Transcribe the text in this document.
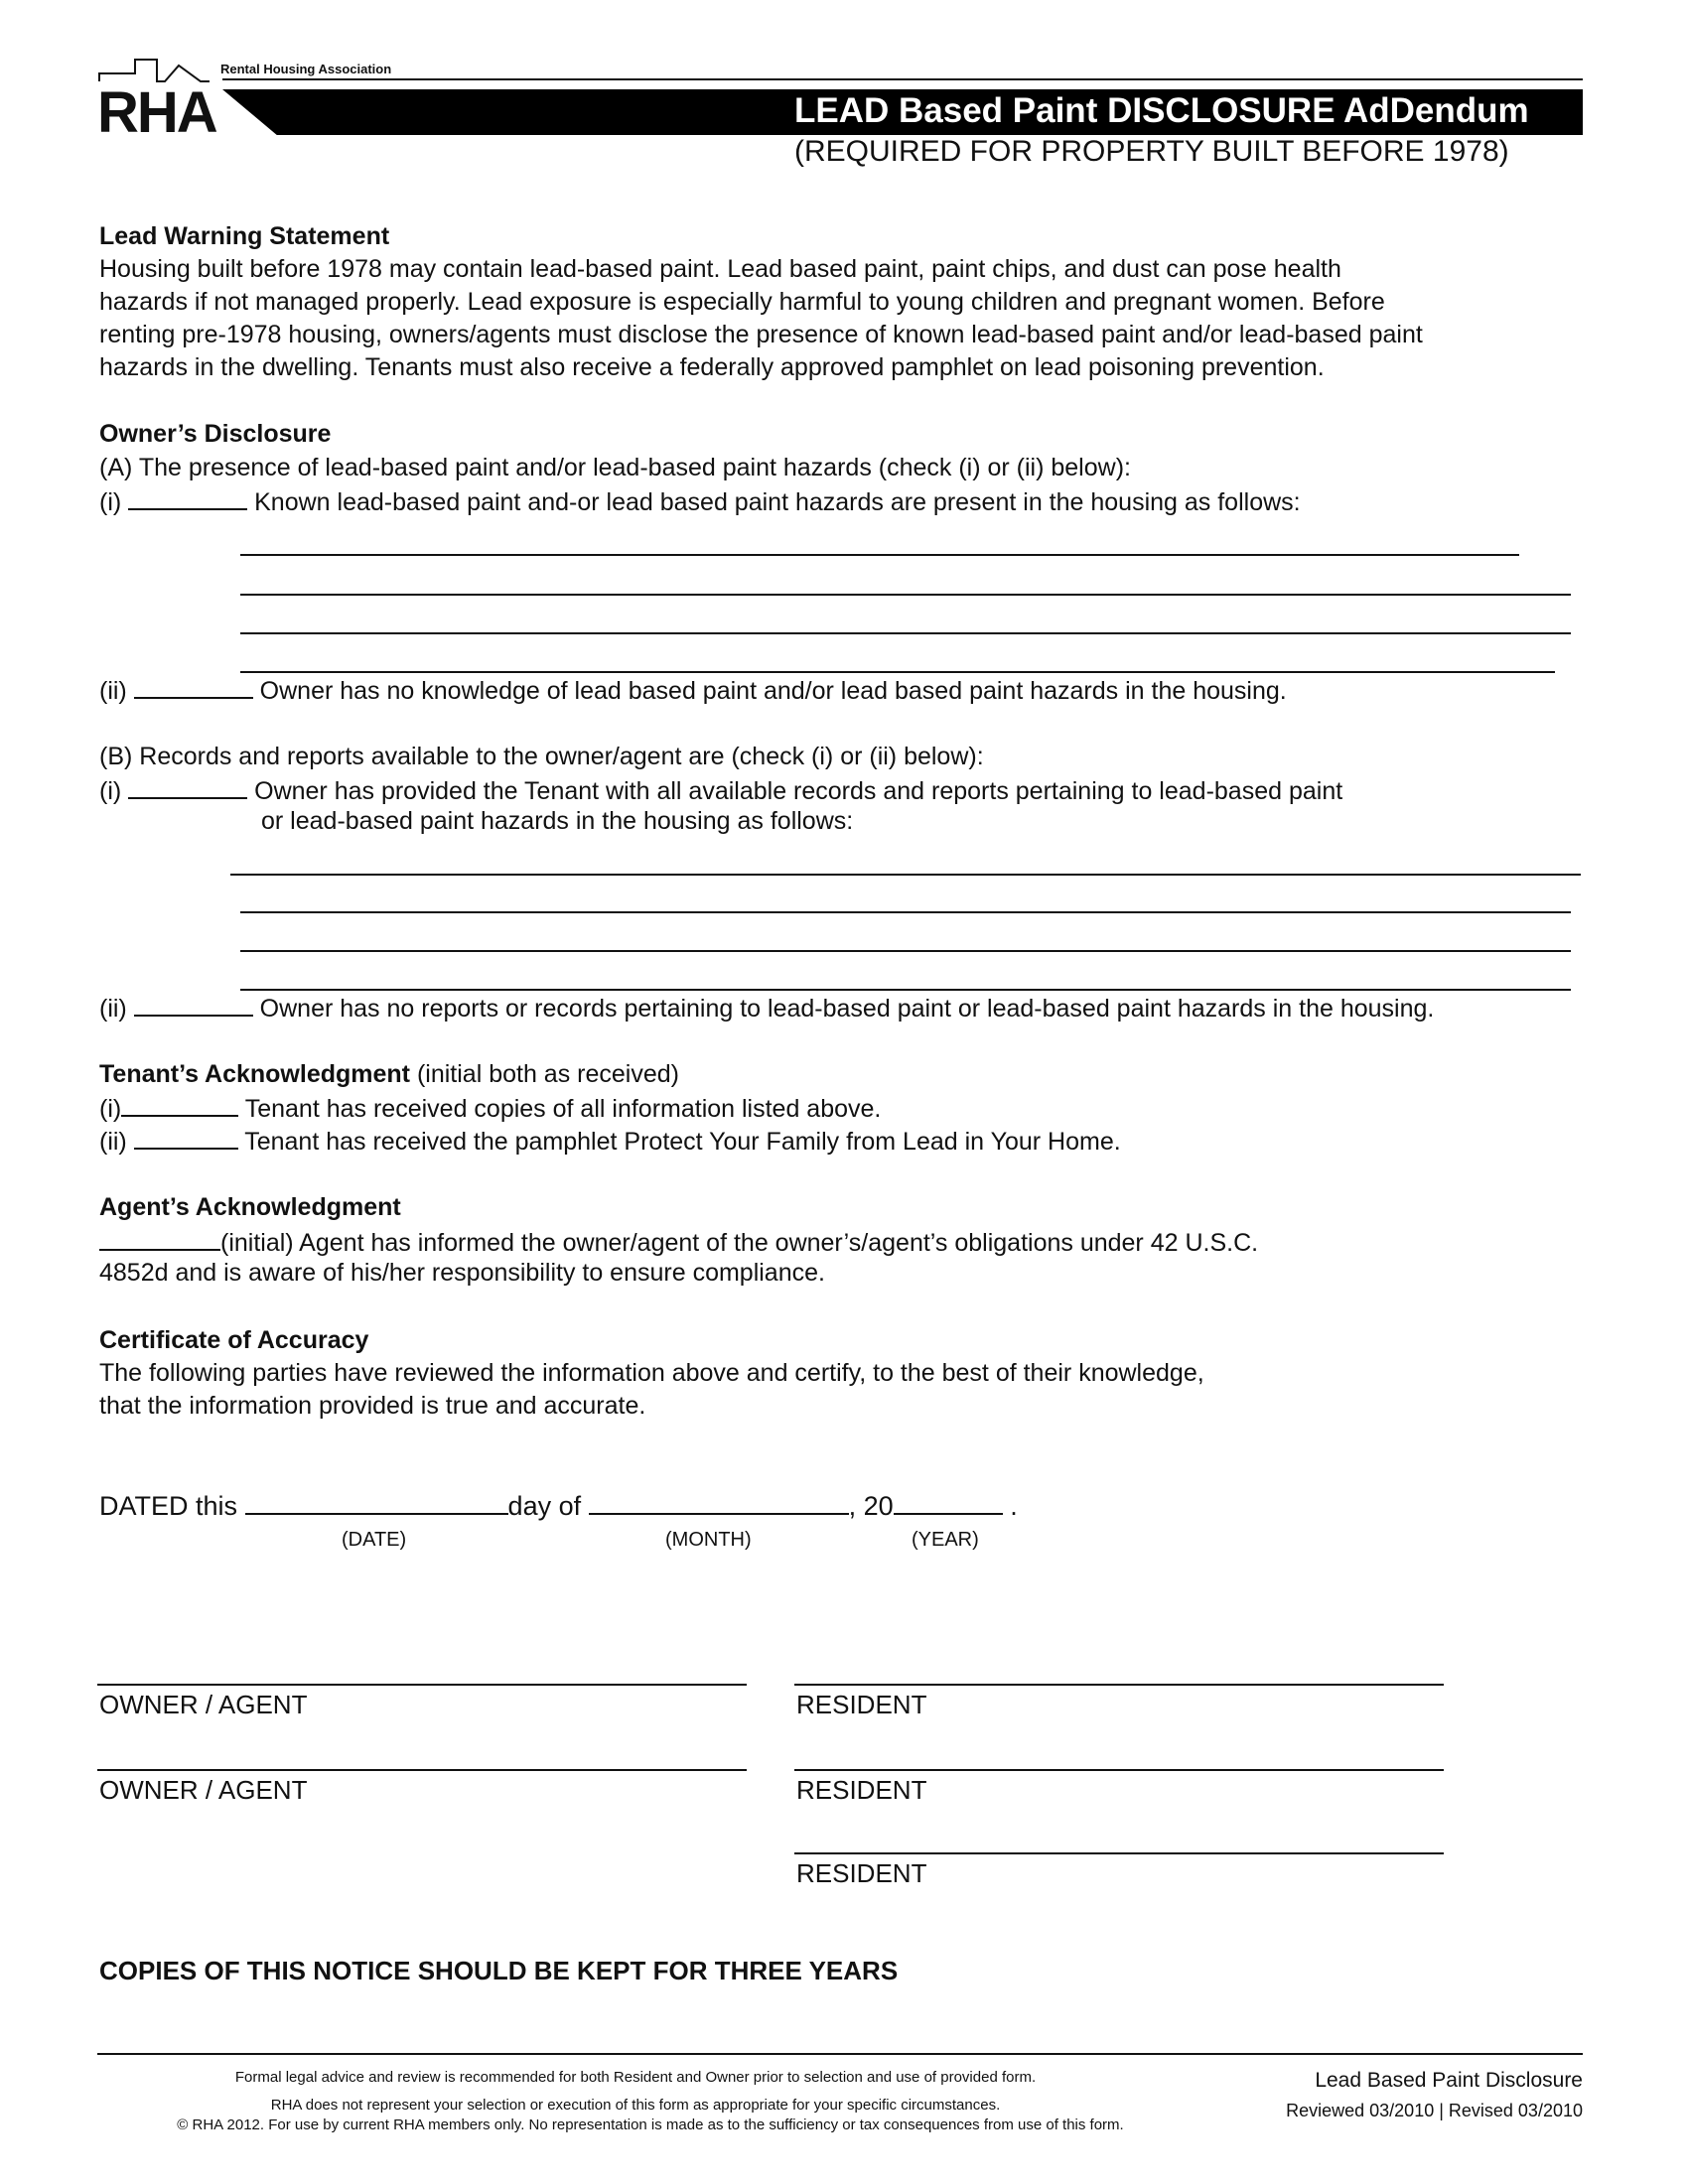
Rental Housing Association
RHA	LEAD Based Paint DISCLOSURE AdDendum
(REQUIRED FOR PROPERTY BUILT BEFORE 1978)
Lead Warning Statement
Housing built before 1978 may contain lead-based paint. Lead based paint, paint chips, and dust can pose health
hazards if not managed properly. Lead exposure is especially harmful to young children and pregnant women. Before
renting pre-1978 housing, owners/agents must disclose the presence of known lead-based paint and/or lead-based paint
hazards in the dwelling. Tenants must also receive a federally approved pamphlet on lead poisoning prevention.
Owner’s Disclosure
(A) The presence of lead-based paint and/or lead-based paint hazards (check (i) or (ii) below):
(i)	Known lead-based paint and-or lead based paint hazards are present in the housing as follows:
(ii)	Owner has no knowledge of lead based paint and/or lead based paint hazards in the housing.
(B) Records and reports available to the owner/agent are (check (i) or (ii) below):
(i)	Owner has provided the Tenant with all available records and reports pertaining to lead-based paint
or lead-based paint hazards in the housing as follows:
(ii)	Owner has no reports or records pertaining to lead-based paint or lead-based paint hazards in the housing.
Tenant’s Acknowledgment (initial both as received)
(i)	Tenant has received copies of all information listed above.
(ii)	Tenant has received the pamphlet Protect Your Family from Lead in Your Home.
Agent’s Acknowledgment
(initial) Agent has informed the owner/agent of the owner’s/agent’s obligations under 42 U.S.C.
4852d and is aware of his/her responsibility to ensure compliance.
Certificate of Accuracy
The following parties have reviewed the information above and certify, to the best of their knowledge,
that the information provided is true and accurate.
DATED this	day of	, 20	.
(DATE)	(MONTH)	(YEAR)
OWNER / AGENT	RESIDENT
OWNER / AGENT	RESIDENT
RESIDENT
COPIES OF THIS NOTICE SHOULD BE KEPT FOR THREE YEARS
Formal legal advice and review is recommended for both Resident and Owner prior to selection and use of provided form.
RHA does not represent your selection or execution of this form as appropriate for your specific circumstances.
© RHA 2012. For use by current RHA members only. No representation is made as to the sufficiency or tax consequences from use of this form.
Lead Based Paint Disclosure
Reviewed 03/2010 | Revised 03/2010
